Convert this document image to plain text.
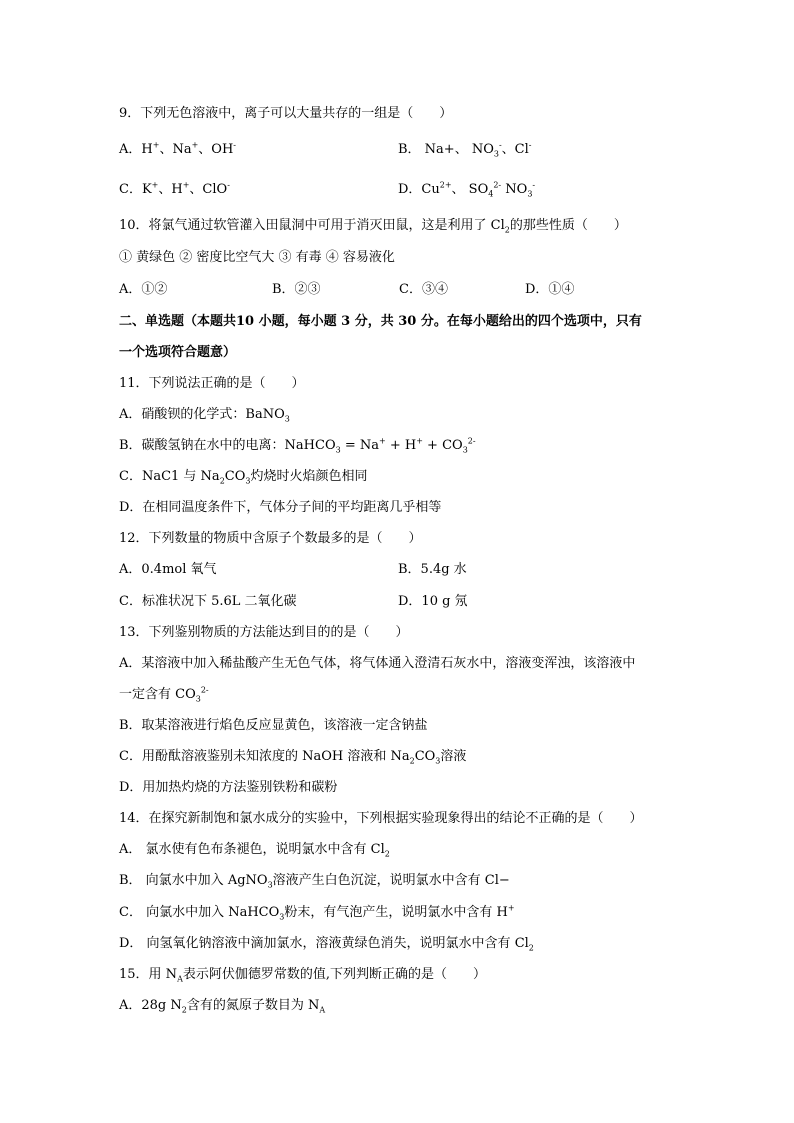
9．下列无色溶液中，离子可以大量共存的一组是（　　）
A．H+、Na+、OH-	B． Na+、 $NO_3^-$、Cl-
C．K+、H+、ClO-	D．$Cu^{2+}$、 $SO_4^{2-}$ $NO_3^-$
10．将氯气通过软管灌入田鼠洞中可用于消灭田鼠，这是利用了 $Cl_2$的那些性质（　　）
① 黄绿色 ② 密度比空气大 ③ 有毒 ④ 容易液化
A．①②	B．②③	C．③④	D．①④
二、单选题（本题共10 小题，每小题 3 分，共 30 分。在每小题给出的四个选项中，只有
一个选项符合题意）
11．下列说法正确的是（　　）
A．硝酸钡的化学式：BaNO$_3$
B．碳酸氢钠在水中的电离：NaHCO$_3$ = $Na^+ + H^+ + CO_3^{2-}$
C．NaC1 与 $Na_2CO_3$灼烧时火焰颜色相同
D．在相同温度条件下，气体分子间的平均距离几乎相等
12．下列数量的物质中含原子个数最多的是（　　）
A．0.4mol 氧气	B．5.4g 水
C．标准状况下 5.6L 二氧化碳	D．10 g 氖
13．下列鉴别物质的方法能达到目的的是（　　）
A．某溶液中加入稀盐酸产生无色气体，将气体通入澄清石灰水中，溶液变浑浊，该溶液中
一定含有 $CO_3^{2-}$
B．取某溶液进行焰色反应显黄色，该溶液一定含钠盐
C．用酚酞溶液鉴别未知浓度的 NaOH 溶液和 $Na_2CO_3$溶液
D．用加热灼烧的方法鉴别铁粉和碳粉
14．在探究新制饱和氯水成分的实验中，下列根据实验现象得出的结论不正确的是（　　）
A． 氯水使有色布条褪色，说明氯水中含有 $Cl_2$
B． 向氯水中加入 AgNO$_3$溶液产生白色沉淀，说明氯水中含有 Cl−
C． 向氯水中加入 NaHCO$_3$粉末，有气泡产生，说明氯水中含有 H+
D． 向氢氧化钠溶液中滴加氯水，溶液黄绿色消失，说明氯水中含有 $Cl_2$
15．用 $N_A$表示阿伏伽德罗常数的值,下列判断正确的是（　　）
A．28g $N_2$含有的氮原子数目为 $N_A$
